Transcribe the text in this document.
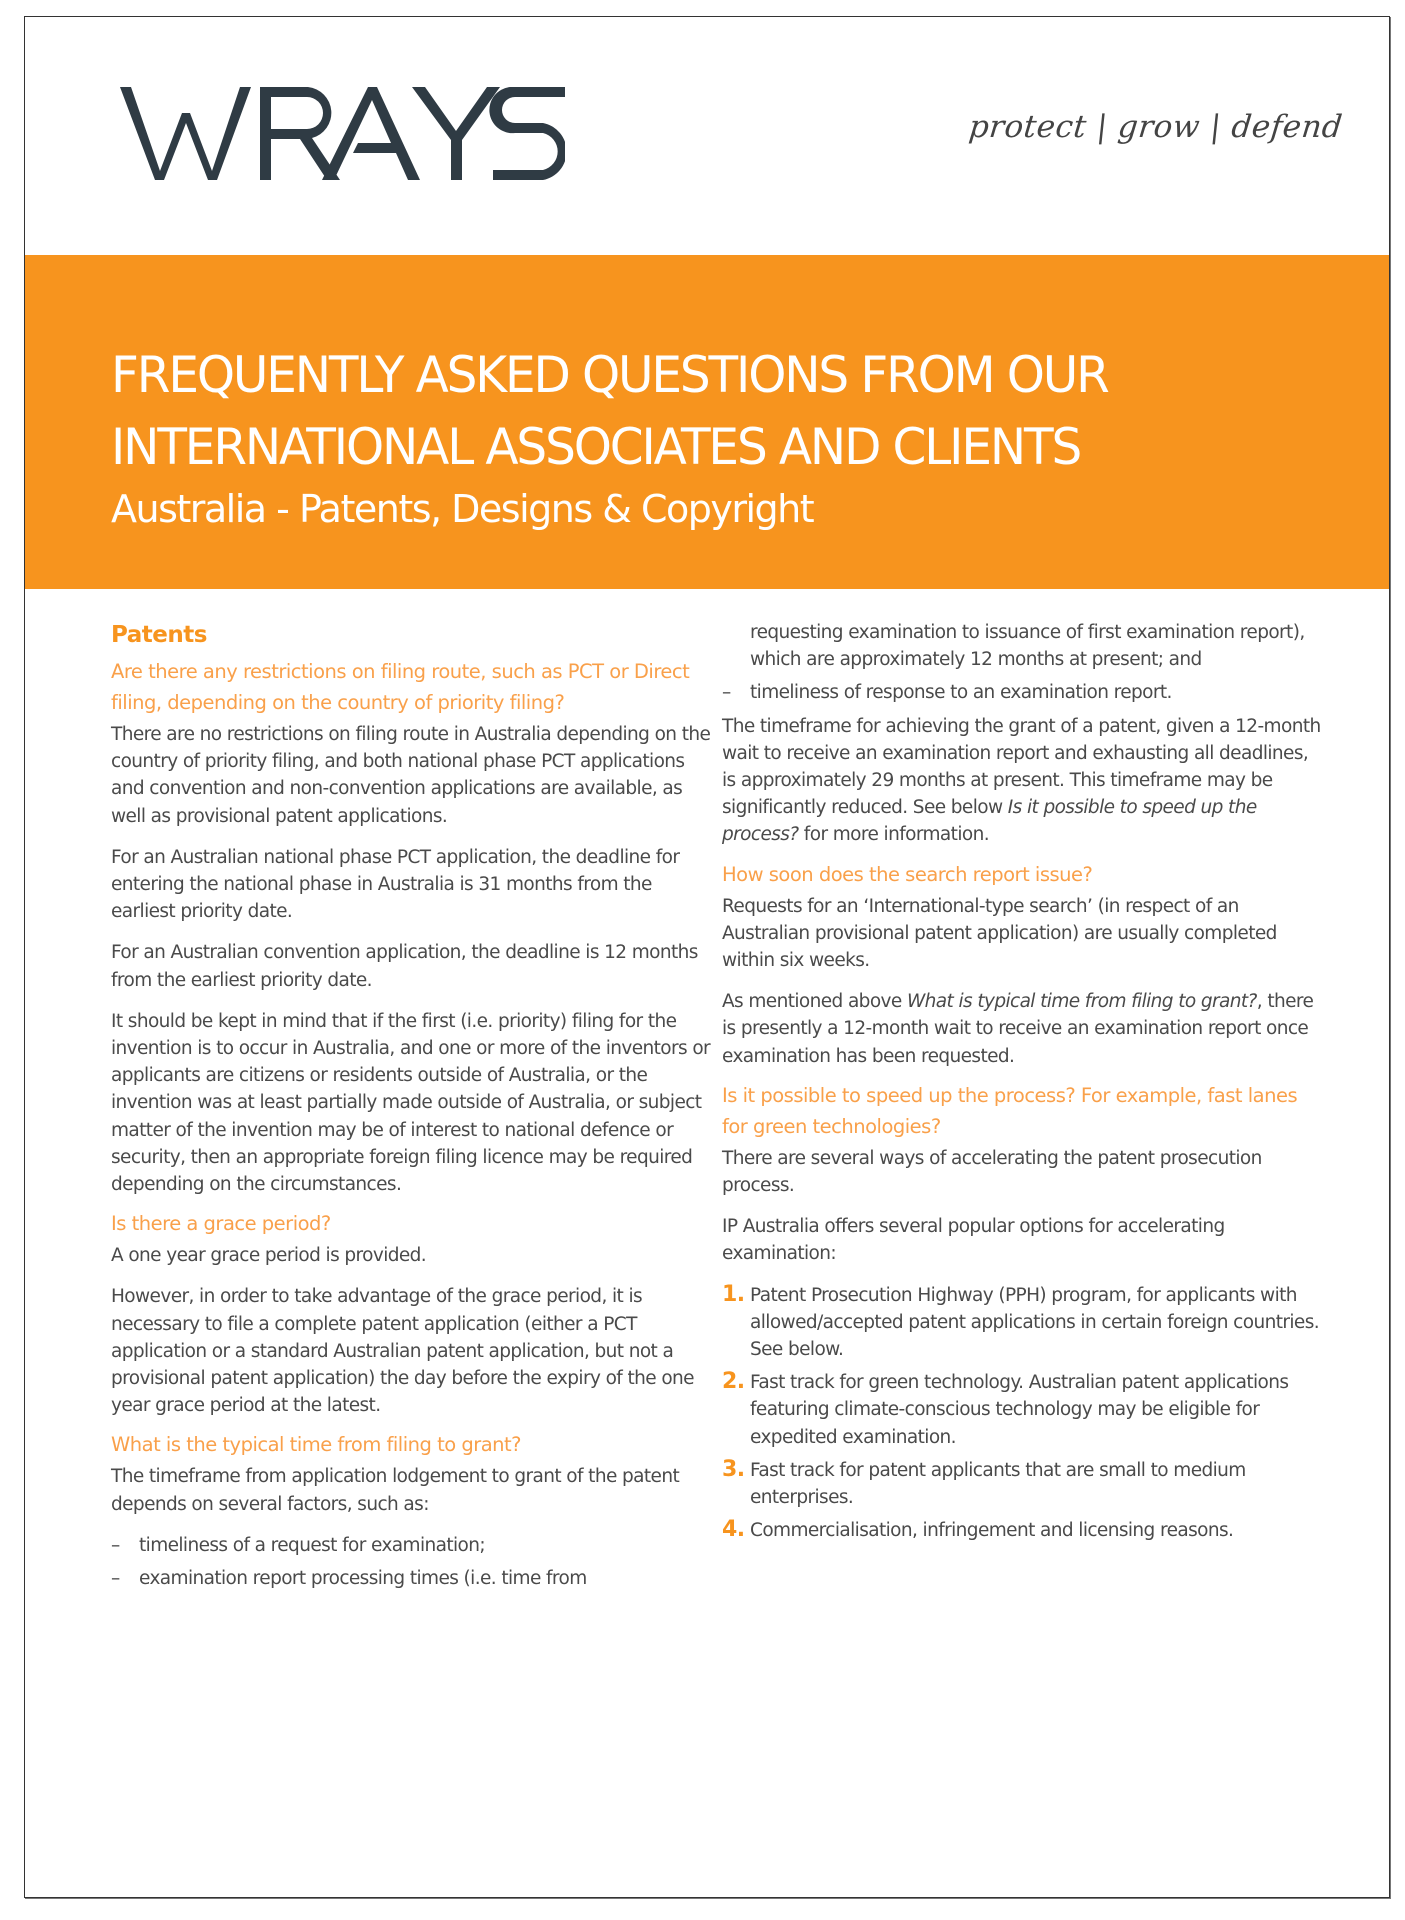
protect | grow | defend
FREQUENTLY ASKED QUESTIONS FROM OUR
INTERNATIONAL ASSOCIATES AND CLIENTS
Australia - Patents, Designs & Copyright
Patents
Are there any restrictions on filing route, such as PCT or Direct filing, depending on the country of priority filing?

There are no restrictions on filing route in Australia depending on the country of priority filing, and both national phase PCT applications and convention and non-convention applications are available, as well as provisional patent applications.

For an Australian national phase PCT application, the deadline for entering the national phase in Australia is 31 months from the earliest priority date.

For an Australian convention application, the deadline is 12 months from the earliest priority date.

It should be kept in mind that if the first (i.e. priority) filing for the invention is to occur in Australia, and one or more of the inventors or applicants are citizens or residents outside of Australia, or the invention was at least partially made outside of Australia, or subject matter of the invention may be of interest to national defence or security, then an appropriate foreign filing licence may be required depending on the circumstances.

Is there a grace period?

A one year grace period is provided.

However, in order to take advantage of the grace period, it is necessary to file a complete patent application (either a PCT application or a standard Australian patent application, but not a provisional patent application) the day before the expiry of the one year grace period at the latest.

What is the typical time from filing to grant?

The timeframe from application lodgement to grant of the patent depends on several factors, such as:

– timeliness of a request for examination;
– examination report processing times (i.e. time from

requesting examination to issuance of first examination report), which are approximately 12 months at present; and

– timeliness of response to an examination report.

The timeframe for achieving the grant of a patent, given a 12-month wait to receive an examination report and exhausting all deadlines, is approximately 29 months at present. This timeframe may be significantly reduced. See below Is it possible to speed up the process? for more information.

How soon does the search report issue?

Requests for an ‘International-type search’ (in respect of an Australian provisional patent application) are usually completed within six weeks.

As mentioned above What is typical time from filing to grant?, there is presently a 12-month wait to receive an examination report once examination has been requested.

Is it possible to speed up the process? For example, fast lanes for green technologies?

There are several ways of accelerating the patent prosecution process.

IP Australia offers several popular options for accelerating examination:

1. Patent Prosecution Highway (PPH) program, for applicants with allowed/accepted patent applications in certain foreign countries. See below.
2. Fast track for green technology. Australian patent applications featuring climate-conscious technology may be eligible for expedited examination.
3. Fast track for patent applicants that are small to medium enterprises.
4. Commercialisation, infringement and licensing reasons.
